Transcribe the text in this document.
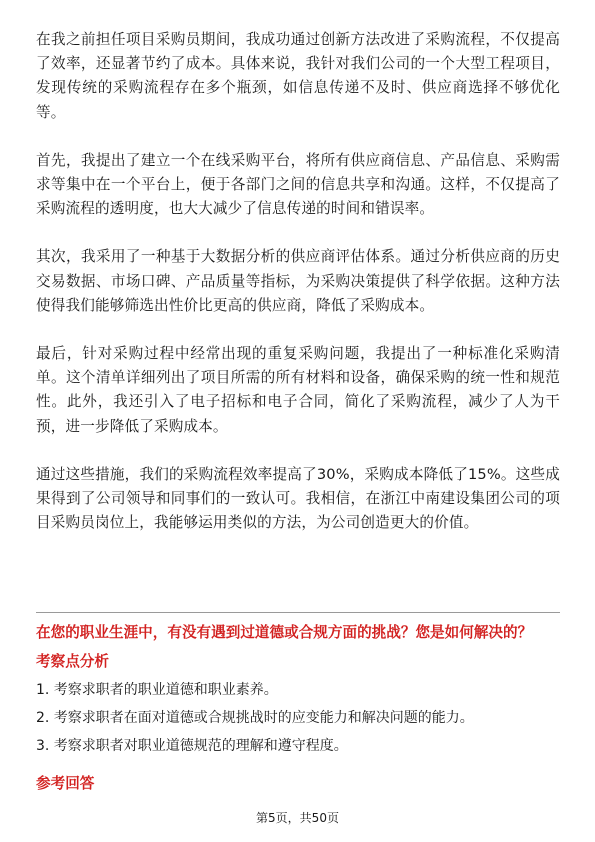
在我之前担任项目采购员期间，我成功通过创新方法改进了采购流程，不仅提高了效率，还显著节约了成本。具体来说，我针对我们公司的一个大型工程项目，发现传统的采购流程存在多个瓶颈，如信息传递不及时、供应商选择不够优化等。

首先，我提出了建立一个在线采购平台，将所有供应商信息、产品信息、采购需求等集中在一个平台上，便于各部门之间的信息共享和沟通。这样，不仅提高了采购流程的透明度，也大大减少了信息传递的时间和错误率。

其次，我采用了一种基于大数据分析的供应商评估体系。通过分析供应商的历史交易数据、市场口碑、产品质量等指标，为采购决策提供了科学依据。这种方法使得我们能够筛选出性价比更高的供应商，降低了采购成本。

最后，针对采购过程中经常出现的重复采购问题，我提出了一种标准化采购清单。这个清单详细列出了项目所需的所有材料和设备，确保采购的统一性和规范性。此外，我还引入了电子招标和电子合同，简化了采购流程，减少了人为干预，进一步降低了采购成本。

通过这些措施，我们的采购流程效率提高了30%，采购成本降低了15%。这些成果得到了公司领导和同事们的一致认可。我相信，在浙江中南建设集团公司的项目采购员岗位上，我能够运用类似的方法，为公司创造更大的价值。

在您的职业生涯中，有没有遇到过道德或合规方面的挑战？您是如何解决的？
考察点分析
1. 考察求职者的职业道德和职业素养。
2. 考察求职者在面对道德或合规挑战时的应变能力和解决问题的能力。
3. 考察求职者对职业道德规范的理解和遵守程度。
参考回答
第5页，共50页
